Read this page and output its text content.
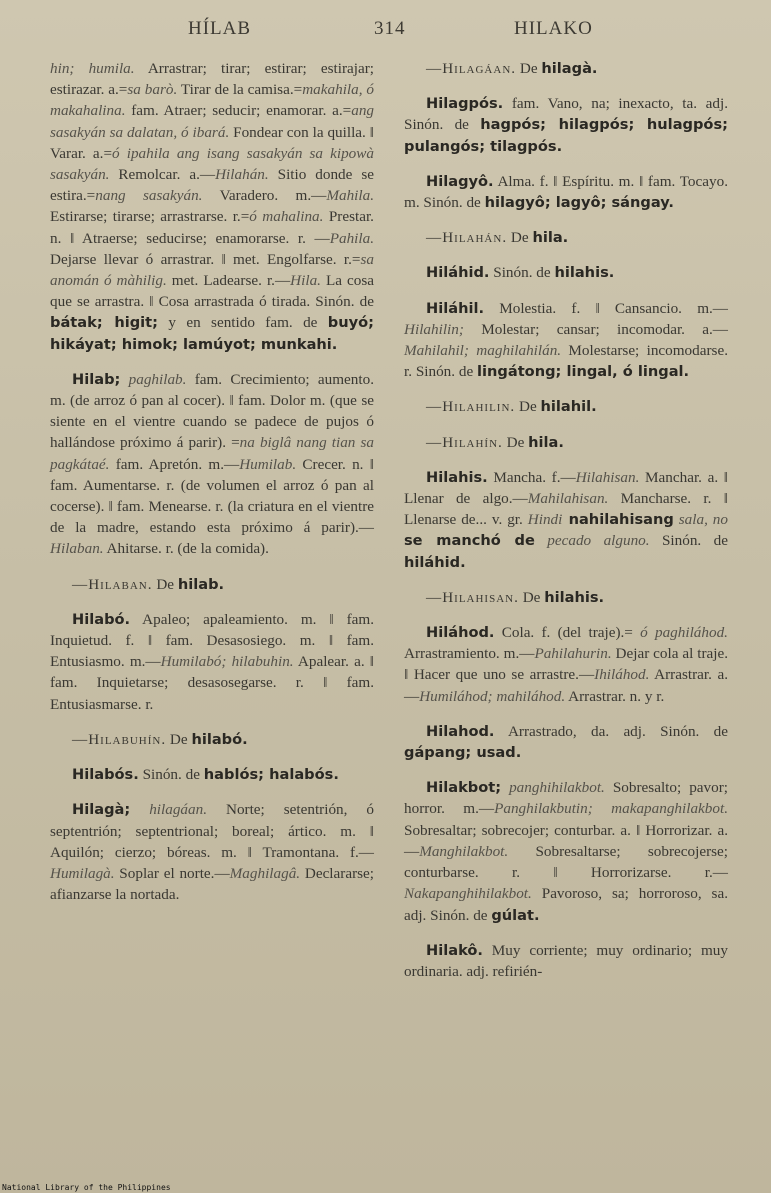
HÍLAB	314	HILAKO

hin; humila. Arrastrar; tirar; estirar; estirajar; estirazar. a.=sa barò. Tirar de la camisa.=makahila, ó makahalina. fam. Atraer; seducir; enamorar. a.=ang sasakyán sa dalatan, ó ibará. Fondear con la quilla. ‖ Varar. a.=ó ipahila ang isang sasakyán sa kipowà sasakyán. Remolcar. a.—Hilahán. Sitio donde se estira.=nang sasakyán. Varadero. m.—Mahila. Estirarse; tirarse; arrastrarse. r.=ó mahalina. Prestar. n. ‖ Atraerse; seducirse; enamorarse. r. —Pahila. Dejarse llevar ó arrastrar. ‖ met. Engolfarse. r.=sa anomán ó màhilig. met. Ladearse. r.—Hila. La cosa que se arrastra. ‖ Cosa arrastrada ó tirada. Sinón. de bátak; higit; y en sentido fam. de buyó; hikáyat; himok; lamúyot; munkahi.

Hilab; paghilab. fam. Crecimiento; aumento. m. (de arroz ó pan al cocer). ‖ fam. Dolor m. (que se siente en el vientre cuando se padece de pujos ó hallándose próximo á parir). =na biglâ nang tian sa pagkátaé. fam. Apretón. m.—Humilab. Crecer. n. ‖ fam. Aumentarse. r. (de volumen el arroz ó pan al cocerse). ‖ fam. Menearse. r. (la criatura en el vientre de la madre, estando esta próximo á parir).—Hilaban. Ahitarse. r. (de la comida).

—Hilaban. De hilab.

Hilabó. Apaleo; apaleamiento. m. ‖ fam. Inquietud. f. ‖ fam. Desasosiego. m. ‖ fam. Entusiasmo. m.—Humilabó; hilabuhin. Apalear. a. ‖ fam. Inquietarse; desasosegarse. r. ‖ fam. Entusiasmarse. r.

—Hilabuhín. De hilabó.

Hilabós. Sinón. de hablós; halabós.

Hilagà; hilagáan. Norte; setentrión, ó septentrión; septentrional; boreal; ártico. m. ‖ Aquilón; cierzo; bóreas. m. ‖ Tramontana. f.—Humilagà. Soplar el norte.—Maghilagâ. Declararse; afianzarse la nortada.

—Hilagáan. De hilagà.

Hilagpós. fam. Vano, na; inexacto, ta. adj. Sinón. de hagpós; hilagpós; hulagpós; pulangós; tilagpós.

Hilagyô. Alma. f. ‖ Espíritu. m. ‖ fam. Tocayo. m. Sinón. de hilagyô; lagyô; sángay.

—Hilahán. De hila.

Hiláhid. Sinón. de hilahis.

Hiláhil. Molestia. f. ‖ Cansancio. m.—Hilahilin; Molestar; cansar; incomodar. a.—Mahilahil; maghilahilán. Molestarse; incomodarse. r. Sinón. de lingátong; lingal, ó lingal.

—Hilahilin. De hilahil.

—Hilahín. De hila.

Hilahis. Mancha. f.—Hilahisan. Manchar. a. ‖ Llenar de algo.—Mahilahisan. Mancharse. r. ‖ Llenarse de... v. gr. Hindi nahilahisang sala, no se manchó de pecado alguno. Sinón. de hiláhid.

—Hilahisan. De hilahis.

Hiláhod. Cola. f. (del traje).= ó paghiláhod. Arrastramiento. m.—Pahilahurin. Dejar cola al traje. ‖ Hacer que uno se arrastre.—Ihiláhod. Arrastrar. a.—Humiláhod; mahiláhod. Arrastrar. n. y r.

Hilahod. Arrastrado, da. adj. Sinón. de gápang; usad.

Hilakbot; panghihilakbot. Sobresalto; pavor; horror. m.—Panghilakbutin; makapanghilakbot. Sobresaltar; sobrecojer; conturbar. a. ‖ Horrorizar. a.—Manghilakbot. Sobresaltarse; sobrecojerse; conturbarse. r. ‖ Horrorizarse. r.—Nakapanghihilakbot. Pavoroso, sa; horroroso, sa. adj. Sinón. de gúlat.

Hilakô. Muy corriente; muy ordinario; muy ordinaria. adj. refirién-

National Library of the Philippines
